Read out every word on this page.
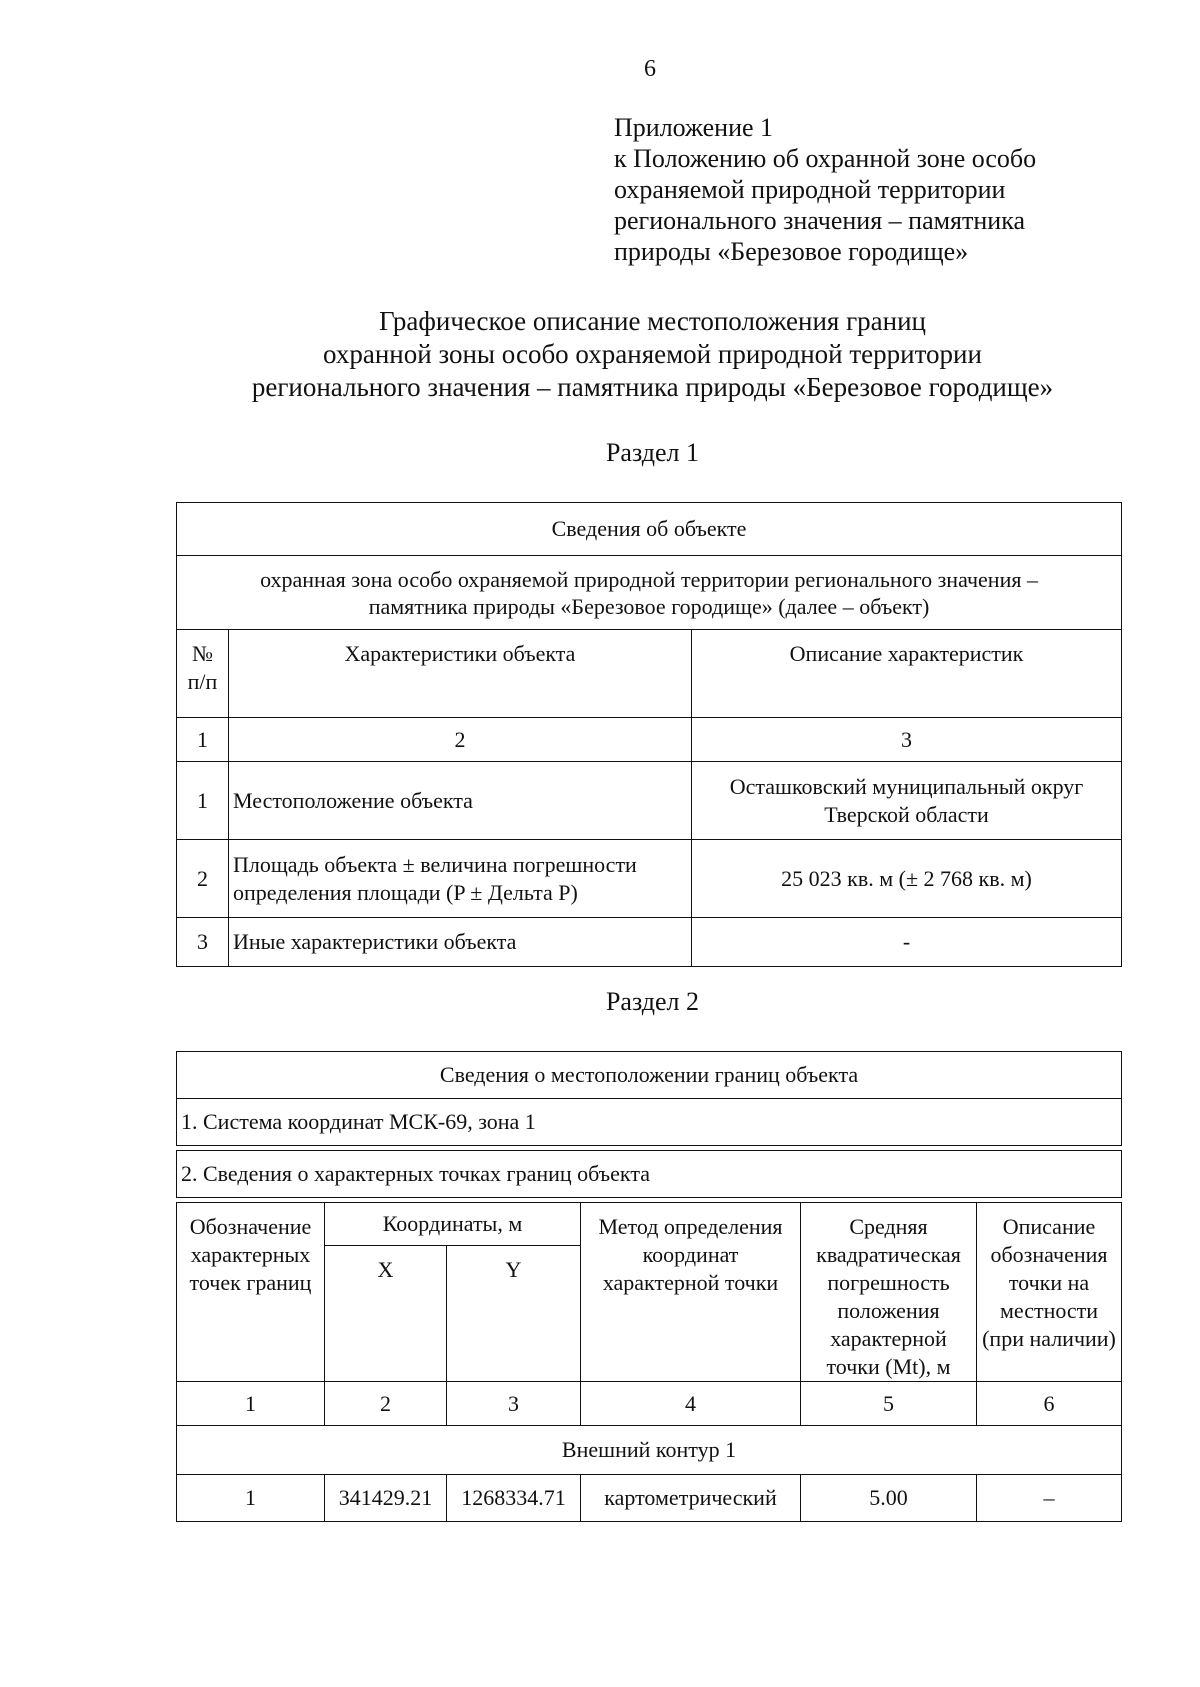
6
Приложение 1
к Положению об охранной зоне особо
охраняемой природной территории
регионального значения – памятника
природы «Березовое городище»
Графическое описание местоположения границ
охранной зоны особо охраняемой природной территории
регионального значения – памятника природы «Березовое городище»
Раздел 1
Сведения об объекте		

охранная зона особо охраняемой природной территории регионального значения –
памятника природы «Березовое городище» (далее – объект)		

№ п/п	Характеристики объекта	Описание характеристик
1	2	3
1	Местоположение объекта	Осташковский муниципальный округ Тверской области
2	Площадь объекта ± величина погрешности определения площади (P ± Дельта P)	25 023 кв. м (± 2 768 кв. м)
3	Иные характеристики объекта	-
Раздел 2
Сведения о местоположении границ объекта					
1. Система координат МСК-69, зона 1					

2. Сведения о характерных точках границ объекта					

Обозначение характерных точек границ	Координаты, м		Метод определения координат характерной точки	Средняя квадратическая погрешность положения характерной точки (Mt), м	Описание обозначения точки на местности (при наличии)
	X	Y			
1	2	3	4	5	6
Внешний контур 1					
1	341429.21	1268334.71	картометрический	5.00	–
